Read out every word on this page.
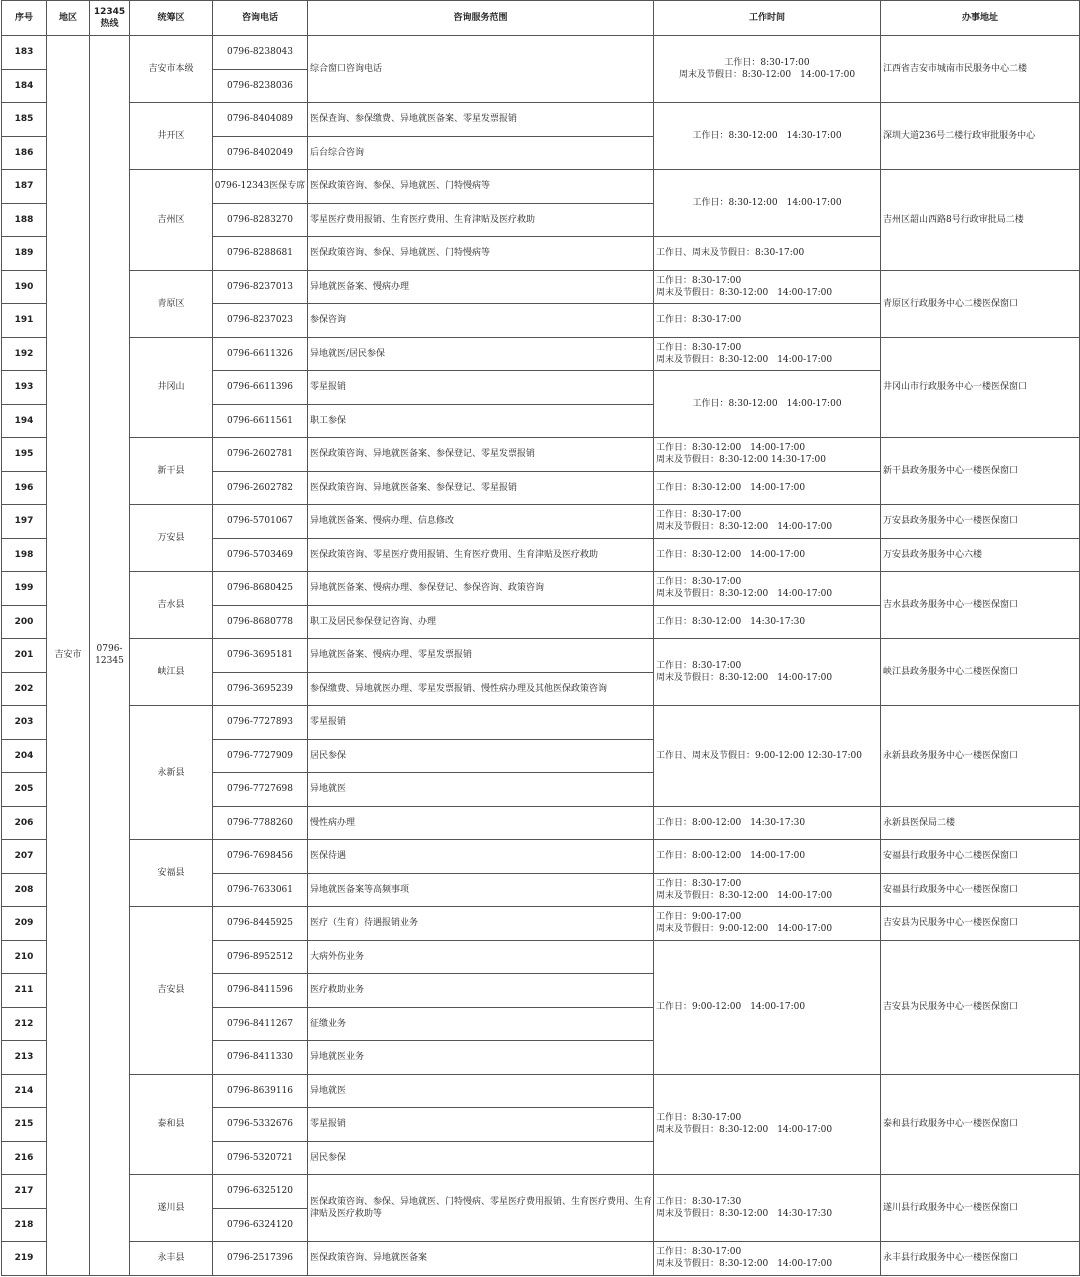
序号	地区	12345热线	统筹区	咨询电话	咨询服务范围	工作时间	办事地址
183	吉安市	0796-12345	吉安市本级	0796-8238043	综合窗口咨询电话	工作日：8:30-17:00
周末及节假日：8:30-12:00　14:00-17:00	江西省吉安市城南市民服务中心二楼
184				0796-8238036			
185			井开区	0796-8404089	医保查询、参保缴费、异地就医备案、零星发票报销	工作日：8:30-12:00　14:30-17:00	深圳大道236号二楼行政审批服务中心
186				0796-8402049	后台综合咨询		
187			吉州区	0796-12343医保专席	医保政策咨询、参保、异地就医、门特慢病等	工作日：8:30-12:00　14:00-17:00	吉州区韶山西路8号行政审批局二楼
188				0796-8283270	零星医疗费用报销、生育医疗费用、生育津贴及医疗救助		
189				0796-8288681	医保政策咨询、参保、异地就医、门特慢病等	工作日、周末及节假日：8:30-17:00	
190			青原区	0796-8237013	异地就医备案、慢病办理	工作日：8:30-17:00
周末及节假日：8:30-12:00　14:00-17:00	青原区行政服务中心二楼医保窗口
191				0796-8237023	参保咨询	工作日：8:30-17:00	
192			井冈山	0796-6611326	异地就医/居民参保	工作日：8:30-17:00
周末及节假日：8:30-12:00　14:00-17:00	井冈山市行政服务中心一楼医保窗口
193				0796-6611396	零星报销	工作日：8:30-12:00　14:00-17:00	
194				0796-6611561	职工参保		
195			新干县	0796-2602781	医保政策咨询、异地就医备案、参保登记、零星发票报销	工作日：8:30-12:00　14:00-17:00
周末及节假日：8:30-12:00 14:30-17:00	新干县政务服务中心一楼医保窗口
196				0796-2602782	医保政策咨询、异地就医备案、参保登记、零星报销	工作日：8:30-12:00　14:00-17:00	
197			万安县	0796-5701067	异地就医备案、慢病办理、信息修改	工作日：8:30-17:00
周末及节假日：8:30-12:00　14:00-17:00	万安县政务服务中心一楼医保窗口
198				0796-5703469	医保政策咨询、零星医疗费用报销、生育医疗费用、生育津贴及医疗救助	工作日：8:30-12:00　14:00-17:00	万安县政务服务中心六楼
199			吉水县	0796-8680425	异地就医备案、慢病办理、参保登记、参保咨询、政策咨询	工作日：8:30-17:00
周末及节假日：8:30-12:00　14:00-17:00	吉水县政务服务中心一楼医保窗口
200				0796-8680778	职工及居民参保登记咨询、办理	工作日：8:30-12:00　14:30-17:30	
201			峡江县	0796-3695181	异地就医备案、慢病办理、零星发票报销	工作日：8:30-17:00
周末及节假日：8:30-12:00　14:00-17:00	峡江县政务服务中心二楼医保窗口
202				0796-3695239	参保缴费、异地就医办理、零星发票报销、慢性病办理及其他医保政策咨询		
203			永新县	0796-7727893	零星报销	工作日、周末及节假日：9:00-12:00 12:30-17:00	永新县政务服务中心一楼医保窗口
204				0796-7727909	居民参保		
205				0796-7727698	异地就医		
206				0796-7788260	慢性病办理	工作日：8:00-12:00　14:30-17:30	永新县医保局二楼
207			安福县	0796-7698456	医保待遇	工作日：8:00-12:00　14:00-17:00	安福县行政服务中心二楼医保窗口
208				0796-7633061	异地就医备案等高频事项	工作日：8:30-17:00
周末及节假日：8:30-12:00　14:00-17:00	安福县行政服务中心一楼医保窗口
209			吉安县	0796-8445925	医疗（生育）待遇报销业务	工作日：9:00-17:00
周末及节假日：9:00-12:00　14:00-17:00	吉安县为民服务中心一楼医保窗口
210				0796-8952512	大病外伤业务	工作日：9:00-12:00　14:00-17:00	吉安县为民服务中心一楼医保窗口
211				0796-8411596	医疗救助业务		
212				0796-8411267	征缴业务		
213				0796-8411330	异地就医业务		
214			泰和县	0796-8639116	异地就医	工作日：8:30-17:00
周末及节假日：8:30-12:00　14:00-17:00	泰和县行政服务中心一楼医保窗口
215				0796-5332676	零星报销		
216				0796-5320721	居民参保		
217			遂川县	0796-6325120	医保政策咨询、参保、异地就医、门特慢病、零星医疗费用报销、生育医疗费用、生育津贴及医疗救助等	工作日：8:30-17:30
周末及节假日：8:30-12:00　14:30-17:30	遂川县行政服务中心一楼医保窗口
218				0796-6324120			
219			永丰县	0796-2517396	医保政策咨询、异地就医备案	工作日：8:30-17:00
周末及节假日：8:30-12:00　14:00-17:00	永丰县行政服务中心一楼医保窗口
